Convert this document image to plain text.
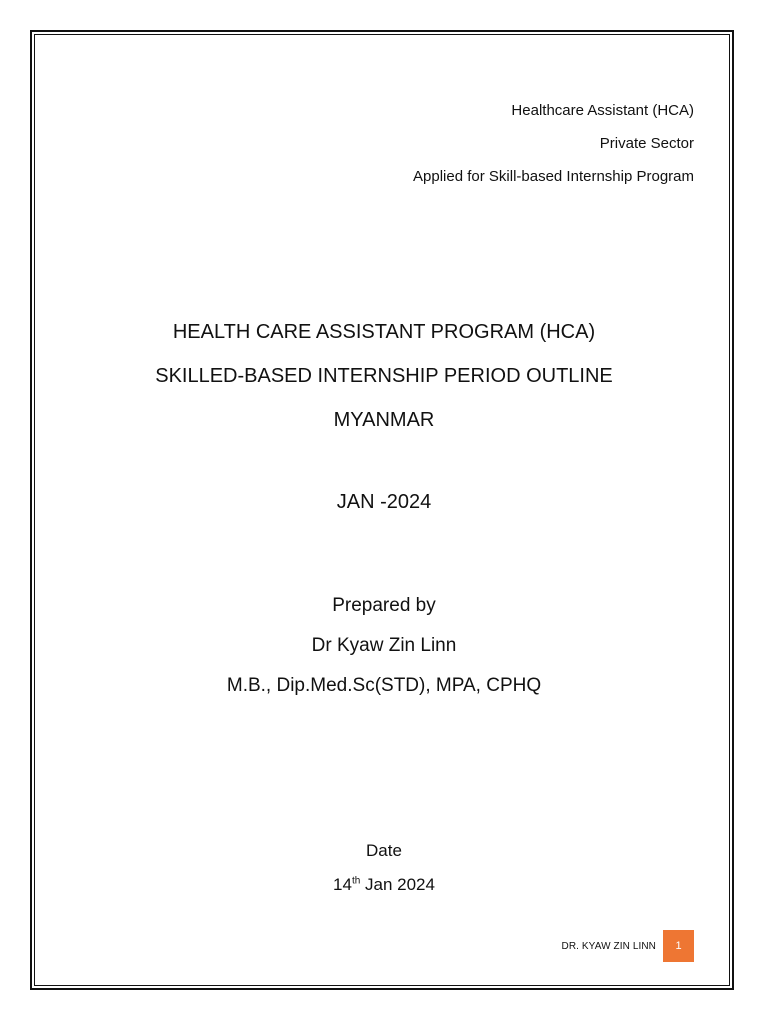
Healthcare Assistant (HCA)
Private Sector
Applied for Skill-based Internship Program
HEALTH CARE ASSISTANT PROGRAM (HCA)
SKILLED-BASED INTERNSHIP PERIOD OUTLINE
MYANMAR
JAN -2024
Prepared by
Dr Kyaw Zin Linn
M.B., Dip.Med.Sc(STD), MPA, CPHQ
Date
14th Jan 2024
DR. KYAW ZIN LINN	1
